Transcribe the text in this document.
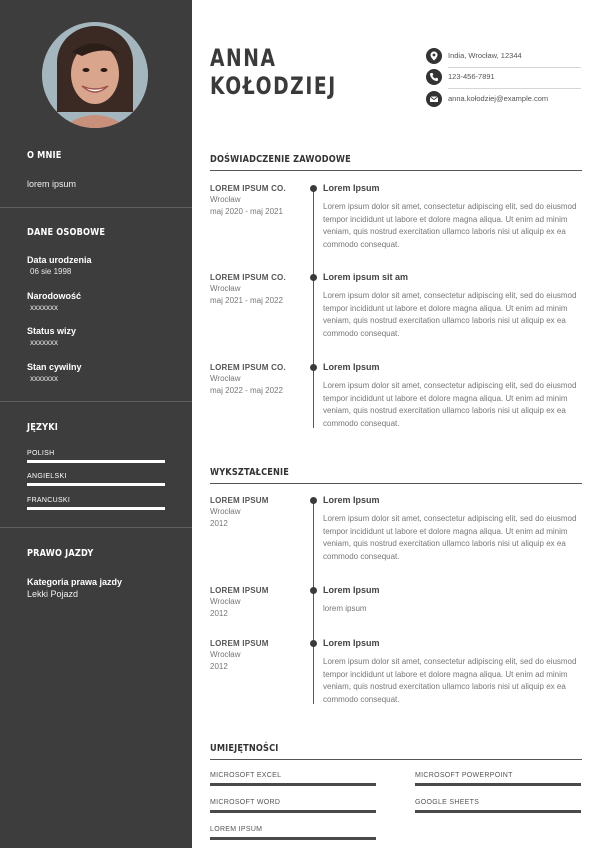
O MNIE
lorem ipsum
DANE OSOBOWE
Data urodzenia
06 sie 1998
Narodowość
xxxxxxx
Status wizy
xxxxxxx
Stan cywilny
xxxxxxx
JĘZYKI
POLISH
ANGIELSKI
FRANCUSKI
PRAWO JAZDY
Kategoria prawa jazdy
Lekki Pojazd
ANNA
KOŁODZIEJ
India, Wrocław, 12344
123-456-7891
anna.kołodziej@example.com
DOŚWIADCZENIE ZAWODOWE
LOREM IPSUM CO.
Wrocław
maj 2020 - maj 2021
Lorem Ipsum
Lorem ipsum dolor sit amet, consectetur adipiscing elit, sed do eiusmod tempor incididunt ut labore et dolore magna aliqua. Ut enim ad minim veniam, quis nostrud exercitation ullamco laboris nisi ut aliquip ex ea commodo consequat.
LOREM IPSUM CO.
Wrocław
maj 2021 - maj 2022
Lorem ipsum sit am
Lorem ipsum dolor sit amet, consectetur adipiscing elit, sed do eiusmod tempor incididunt ut labore et dolore magna aliqua. Ut enim ad minim veniam, quis nostrud exercitation ullamco laboris nisi ut aliquip ex ea commodo consequat.
LOREM IPSUM CO.
Wrocław
maj 2022 - maj 2022
Lorem Ipsum
Lorem ipsum dolor sit amet, consectetur adipiscing elit, sed do eiusmod tempor incididunt ut labore et dolore magna aliqua. Ut enim ad minim veniam, quis nostrud exercitation ullamco laboris nisi ut aliquip ex ea commodo consequat.
WYKSZTAŁCENIE
LOREM IPSUM
Wrocław
2012
Lorem Ipsum
Lorem ipsum dolor sit amet, consectetur adipiscing elit, sed do eiusmod tempor incididunt ut labore et dolore magna aliqua. Ut enim ad minim veniam, quis nostrud exercitation ullamco laboris nisi ut aliquip ex ea commodo consequat.
LOREM IPSUM
Wrocław
2012
Lorem Ipsum
lorem ipsum
LOREM IPSUM
Wrocław
2012
Lorem Ipsum
Lorem ipsum dolor sit amet, consectetur adipiscing elit, sed do eiusmod tempor incididunt ut labore et dolore magna aliqua. Ut enim ad minim veniam, quis nostrud exercitation ullamco laboris nisi ut aliquip ex ea commodo consequat.
UMIEJĘTNOŚCI
MICROSOFT EXCEL	MICROSOFT POWERPOINT
MICROSOFT WORD	GOOGLE SHEETS
LOREM IPSUM
